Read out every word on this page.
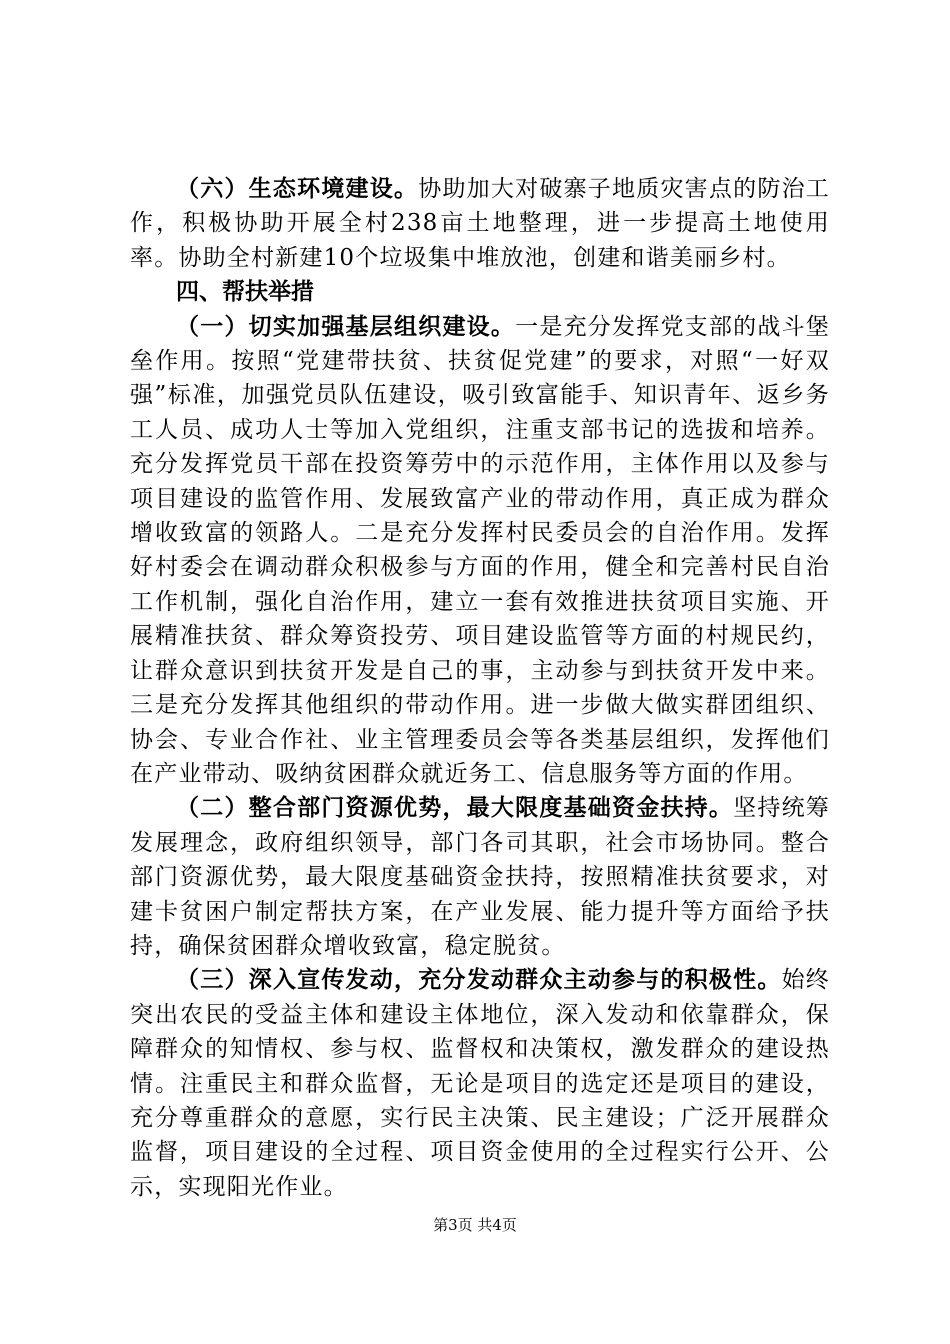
（六）生态环境建设。协助加大对破寨子地质灾害点的防治工作，积极协助开展全村238亩土地整理，进一步提高土地使用率。协助全村新建10个垃圾集中堆放池，创建和谐美丽乡村。

四、帮扶举措

（一）切实加强基层组织建设。一是充分发挥党支部的战斗堡垒作用。按照“党建带扶贫、扶贫促党建”的要求，对照“一好双强”标准，加强党员队伍建设，吸引致富能手、知识青年、返乡务工人员、成功人士等加入党组织，注重支部书记的选拔和培养。充分发挥党员干部在投资筹劳中的示范作用，主体作用以及参与项目建设的监管作用、发展致富产业的带动作用，真正成为群众增收致富的领路人。二是充分发挥村民委员会的自治作用。发挥好村委会在调动群众积极参与方面的作用，健全和完善村民自治工作机制，强化自治作用，建立一套有效推进扶贫项目实施、开展精准扶贫、群众筹资投劳、项目建设监管等方面的村规民约，让群众意识到扶贫开发是自己的事，主动参与到扶贫开发中来。三是充分发挥其他组织的带动作用。进一步做大做实群团组织、协会、专业合作社、业主管理委员会等各类基层组织，发挥他们在产业带动、吸纳贫困群众就近务工、信息服务等方面的作用。

（二）整合部门资源优势，最大限度基础资金扶持。坚持统筹发展理念，政府组织领导，部门各司其职，社会市场协同。整合部门资源优势，最大限度基础资金扶持，按照精准扶贫要求，对建卡贫困户制定帮扶方案，在产业发展、能力提升等方面给予扶持，确保贫困群众增收致富，稳定脱贫。

（三）深入宣传发动，充分发动群众主动参与的积极性。始终突出农民的受益主体和建设主体地位，深入发动和依靠群众，保障群众的知情权、参与权、监督权和决策权，激发群众的建设热情。注重民主和群众监督，无论是项目的选定还是项目的建设，充分尊重群众的意愿，实行民主决策、民主建设；广泛开展群众监督，项目建设的全过程、项目资金使用的全过程实行公开、公示，实现阳光作业。

第3页 共4页
